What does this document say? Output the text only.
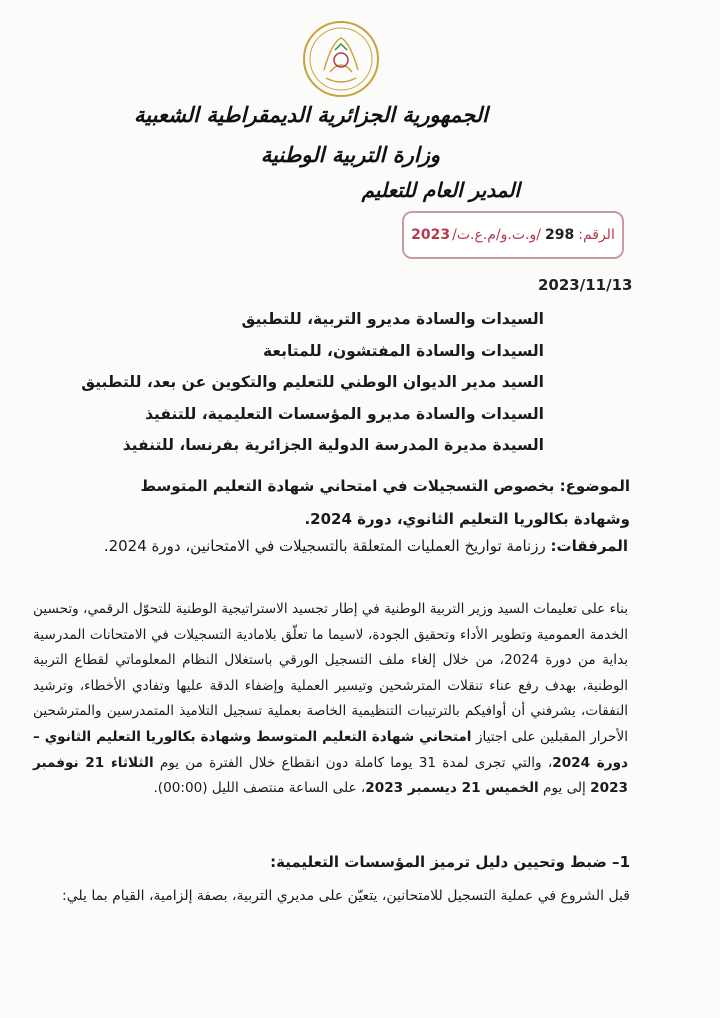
الجمهورية الجزائرية الديمقراطية الشعبية
وزارة التربية الوطنية
المدير العام للتعليم
الرقم:
298
/
و.ت.و/م.ع.ت/
2023
2023/11/13
السيدات والسادة مديرو التربية، للتطبيق
السيدات والسادة المفتشون، للمتابعة
السيد مدير الديوان الوطني للتعليم والتكوين عن بعد، للتطبيق
السيدات والسادة مديرو المؤسسات التعليمية، للتنفيذ
السيدة مديرة المدرسة الدولية الجزائرية بفرنسا، للتنفيذ

الموضوع: بخصوص التسجيلات في امتحاني شهادة التعليم المتوسط وشهادة بكالوريا التعليم الثانوي، دورة 2024.

المرفقات: رزنامة تواريخ العمليات المتعلقة بالتسجيلات في الامتحانين، دورة 2024.

بناء على تعليمات السيد وزير التربية الوطنية في إطار تجسيد الاستراتيجية الوطنية للتحوّل الرقمي، وتحسين الخدمة العمومية وتطوير الأداء وتحقيق الجودة، لاسيما ما تعلّق بلامادية التسجيلات في الامتحانات المدرسية بداية من دورة 2024، من خلال إلغاء ملف التسجيل الورقي باستغلال النظام المعلوماتي لقطاع التربية الوطنية، بهدف رفع عناء تنقلات المترشحين وتيسير العملية وإضفاء الدقة عليها وتفادي الأخطاء، وترشيد النفقات، يشرفني أن أوافيكم بالترتيبات التنظيمية الخاصة بعملية تسجيل التلاميذ المتمدرسين والمترشحين الأحرار المقبلين على اجتياز امتحاني شهادة التعليم المتوسط وشهادة بكالوريا التعليم الثانوي – دورة 2024، والتي تجرى لمدة 31 يوما كاملة دون انقطاع خلال الفترة من يوم الثلاثاء 21 نوفمبر 2023 إلى يوم الخميس 21 ديسمبر 2023، على الساعة منتصف الليل (00:00).

1– ضبط وتحيين دليل ترميز المؤسسات التعليمية:

قبل الشروع في عملية التسجيل للامتحانين، يتعيّن على مديري التربية، بصفة إلزامية، القيام بما يلي:
